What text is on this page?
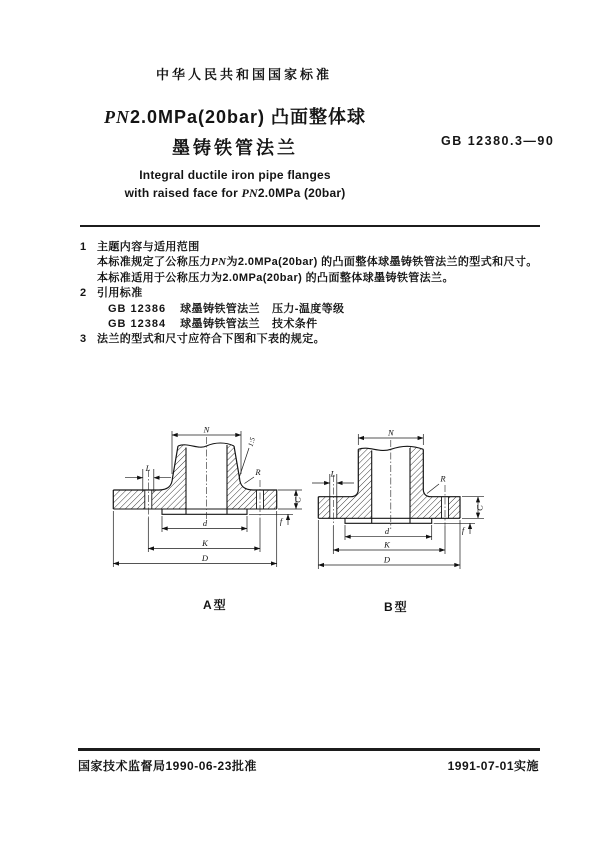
中华人民共和国国家标准
PN2.0MPa(20bar) 凸面整体球
墨铸铁管法兰	GB 12380.3—90
Integral ductile iron pipe flanges
with raised face for PN2.0MPa (20bar)
1 主题内容与适用范围
本标准规定了公称压力PN为2.0MPa(20bar) 的凸面整体球墨铸铁管法兰的型式和尺寸。
本标准适用于公称压力为2.0MPa(20bar) 的凸面整体球墨铸铁管法兰。
2 引用标准
GB 12386 球墨铸铁管法兰 压力-温度等级
GB 12384 球墨铸铁管法兰 技术条件
3 法兰的型式和尺寸应符合下图和下表的规定。
N
L	R
C
f
d
K
D
1:5
N
L	R
C
f
d
K
D
A型	B型
国家技术监督局1990-06-23批准	1991-07-01实施
